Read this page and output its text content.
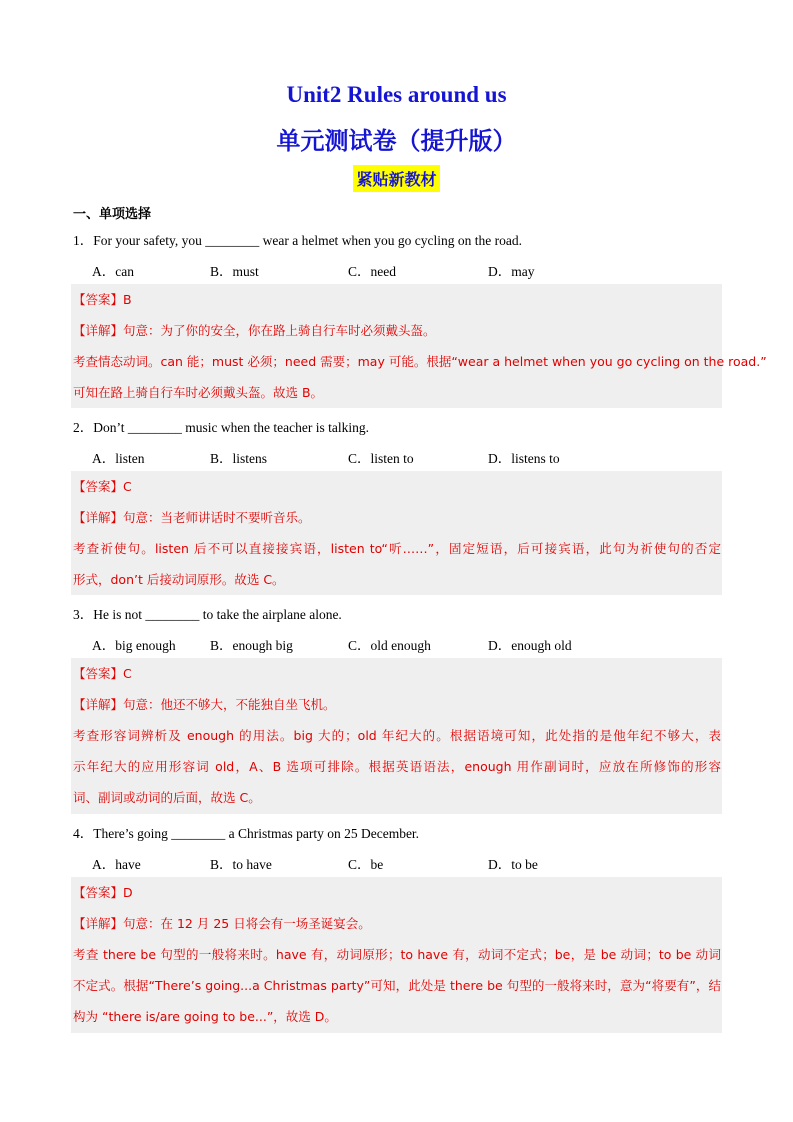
Unit2 Rules around us
单元测试卷（提升版）
紧贴新教材
一、单项选择
1．For your safety, you ________ wear a helmet when you go cycling on the road.
A．can	B．must	C．need	D．may
【答案】B
【详解】句意：为了你的安全，你在路上骑自行车时必须戴头盔。
考查情态动词。can 能；must 必须；need 需要；may 可能。根据“wear a helmet when you go cycling on the road.”
可知在路上骑自行车时必须戴头盔。故选 B。
2．Don’t ________ music when the teacher is talking.
A．listen	B．listens	C．listen to	D．listens to
【答案】C
【详解】句意：当老师讲话时不要听音乐。
考查祈使句。listen 后不可以直接接宾语，listen to“听……”，固定短语，后可接宾语，此句为祈使句的否定
形式，don’t 后接动词原形。故选 C。
3．He is not ________ to take the airplane alone.
A．big enough	B．enough big	C．old enough	D．enough old
【答案】C
【详解】句意：他还不够大，不能独自坐飞机。
考查形容词辨析及 enough 的用法。big 大的；old 年纪大的。根据语境可知，此处指的是他年纪不够大，表
示年纪大的应用形容词 old，A、B 选项可排除。根据英语语法，enough 用作副词时，应放在所修饰的形容
词、副词或动词的后面，故选 C。
4．There’s going ________ a Christmas party on 25 December.
A．have	B．to have	C．be	D．to be
【答案】D
【详解】句意：在 12 月 25 日将会有一场圣诞宴会。
考查 there be 句型的一般将来时。have 有，动词原形；to have 有，动词不定式；be，是 be 动词；to be 动词
不定式。根据“There’s going...a Christmas party”可知，此处是 there be 句型的一般将来时，意为“将要有”，结
构为 “there is/are going to be...”，故选 D。
